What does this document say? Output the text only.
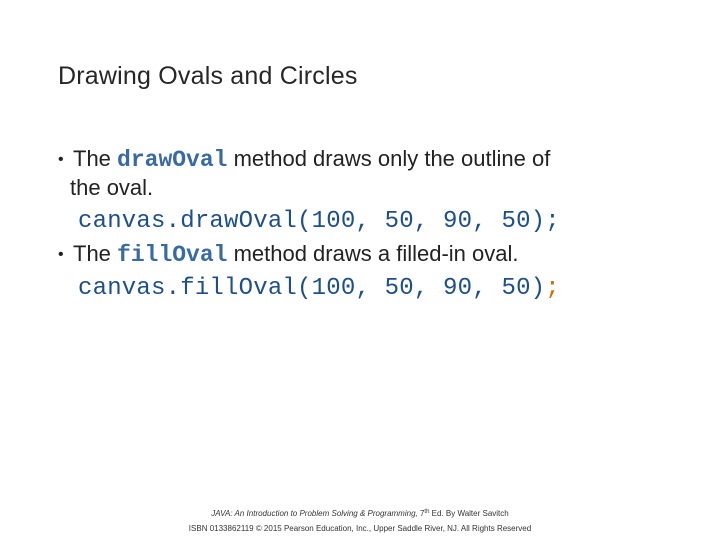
Drawing Ovals and Circles
• The drawOval method draws only the outline of
the oval.
canvas.drawOval(100, 50, 90, 50);
• The fillOval method draws a filled-in oval.
canvas.fillOval(100, 50, 90, 50);
JAVA: An Introduction to Problem Solving & Programming, 7th Ed. By Walter Savitch
ISBN 0133862119 © 2015 Pearson Education, Inc., Upper Saddle River, NJ. All Rights Reserved
